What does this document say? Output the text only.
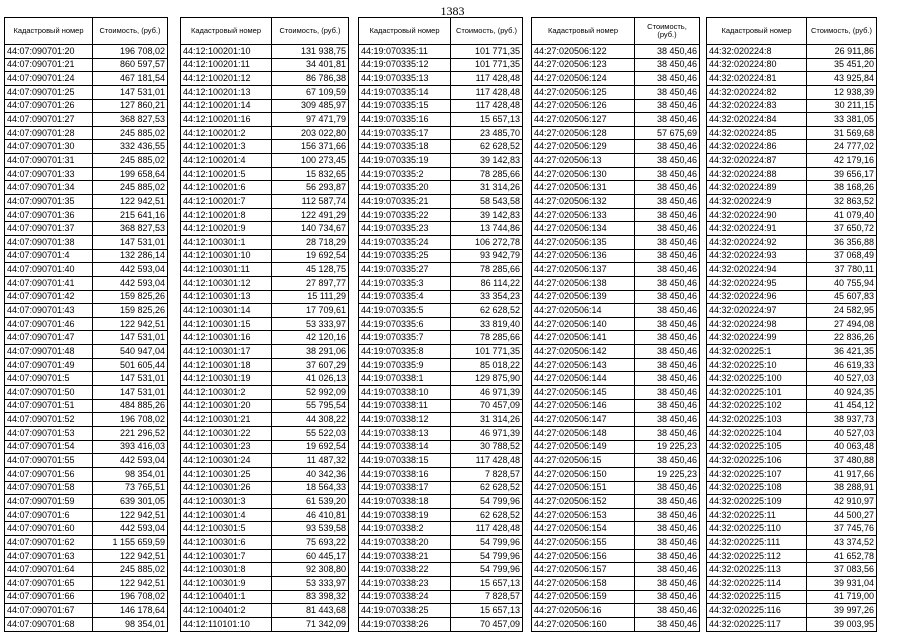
1383
Кадастровый номер	Стоимость, (руб.)
44:07:090701:20	196 708,02
44:07:090701:21	860 597,57
44:07:090701:24	467 181,54
44:07:090701:25	147 531,01
44:07:090701:26	127 860,21
44:07:090701:27	368 827,53
44:07:090701:28	245 885,02
44:07:090701:30	332 436,55
44:07:090701:31	245 885,02
44:07:090701:33	199 658,64
44:07:090701:34	245 885,02
44:07:090701:35	122 942,51
44:07:090701:36	215 641,16
44:07:090701:37	368 827,53
44:07:090701:38	147 531,01
44:07:090701:4	132 286,14
44:07:090701:40	442 593,04
44:07:090701:41	442 593,04
44:07:090701:42	159 825,26
44:07:090701:43	159 825,26
44:07:090701:46	122 942,51
44:07:090701:47	147 531,01
44:07:090701:48	540 947,04
44:07:090701:49	501 605,44
44:07:090701:5	147 531,01
44:07:090701:50	147 531,01
44:07:090701:51	484 885,26
44:07:090701:52	196 708,02
44:07:090701:53	221 296,52
44:07:090701:54	393 416,03
44:07:090701:55	442 593,04
44:07:090701:56	98 354,01
44:07:090701:58	73 765,51
44:07:090701:59	639 301,05
44:07:090701:6	122 942,51
44:07:090701:60	442 593,04
44:07:090701:62	1 155 659,59
44:07:090701:63	122 942,51
44:07:090701:64	245 885,02
44:07:090701:65	122 942,51
44:07:090701:66	196 708,02
44:07:090701:67	146 178,64
44:07:090701:68	98 354,01
Кадастровый номер	Стоимость, (руб.)
44:12:100201:10	131 938,75
44:12:100201:11	34 401,81
44:12:100201:12	86 786,38
44:12:100201:13	67 109,59
44:12:100201:14	309 485,97
44:12:100201:16	97 471,79
44:12:100201:2	203 022,80
44:12:100201:3	156 371,66
44:12:100201:4	100 273,45
44:12:100201:5	15 832,65
44:12:100201:6	56 293,87
44:12:100201:7	112 587,74
44:12:100201:8	122 491,29
44:12:100201:9	140 734,67
44:12:100301:1	28 718,29
44:12:100301:10	19 692,54
44:12:100301:11	45 128,75
44:12:100301:12	27 897,77
44:12:100301:13	15 111,29
44:12:100301:14	17 709,61
44:12:100301:15	53 333,97
44:12:100301:16	42 120,16
44:12:100301:17	38 291,06
44:12:100301:18	37 607,29
44:12:100301:19	41 026,13
44:12:100301:2	52 992,09
44:12:100301:20	55 795,54
44:12:100301:21	44 308,22
44:12:100301:22	55 522,03
44:12:100301:23	19 692,54
44:12:100301:24	11 487,32
44:12:100301:25	40 342,36
44:12:100301:26	18 564,33
44:12:100301:3	61 539,20
44:12:100301:4	46 410,81
44:12:100301:5	93 539,58
44:12:100301:6	75 693,22
44:12:100301:7	60 445,17
44:12:100301:8	92 308,80
44:12:100301:9	53 333,97
44:12:100401:1	83 398,32
44:12:100401:2	81 443,68
44:12:110101:10	71 342,09
Кадастровый номер	Стоимость, (руб.)
44:19:070335:11	101 771,35
44:19:070335:12	101 771,35
44:19:070335:13	117 428,48
44:19:070335:14	117 428,48
44:19:070335:15	117 428,48
44:19:070335:16	15 657,13
44:19:070335:17	23 485,70
44:19:070335:18	62 628,52
44:19:070335:19	39 142,83
44:19:070335:2	78 285,66
44:19:070335:20	31 314,26
44:19:070335:21	58 543,58
44:19:070335:22	39 142,83
44:19:070335:23	13 744,86
44:19:070335:24	106 272,78
44:19:070335:25	93 942,79
44:19:070335:27	78 285,66
44:19:070335:3	86 114,22
44:19:070335:4	33 354,23
44:19:070335:5	62 628,52
44:19:070335:6	33 819,40
44:19:070335:7	78 285,66
44:19:070335:8	101 771,35
44:19:070335:9	85 018,22
44:19:070338:1	129 875,90
44:19:070338:10	46 971,39
44:19:070338:11	70 457,09
44:19:070338:12	31 314,26
44:19:070338:13	46 971,39
44:19:070338:14	30 788,52
44:19:070338:15	117 428,48
44:19:070338:16	7 828,57
44:19:070338:17	62 628,52
44:19:070338:18	54 799,96
44:19:070338:19	62 628,52
44:19:070338:2	117 428,48
44:19:070338:20	54 799,96
44:19:070338:21	54 799,96
44:19:070338:22	54 799,96
44:19:070338:23	15 657,13
44:19:070338:24	7 828,57
44:19:070338:25	15 657,13
44:19:070338:26	70 457,09
Кадастровый номер	Стоимость, (руб.)
44:27:020506:122	38 450,46
44:27:020506:123	38 450,46
44:27:020506:124	38 450,46
44:27:020506:125	38 450,46
44:27:020506:126	38 450,46
44:27:020506:127	38 450,46
44:27:020506:128	57 675,69
44:27:020506:129	38 450,46
44:27:020506:13	38 450,46
44:27:020506:130	38 450,46
44:27:020506:131	38 450,46
44:27:020506:132	38 450,46
44:27:020506:133	38 450,46
44:27:020506:134	38 450,46
44:27:020506:135	38 450,46
44:27:020506:136	38 450,46
44:27:020506:137	38 450,46
44:27:020506:138	38 450,46
44:27:020506:139	38 450,46
44:27:020506:14	38 450,46
44:27:020506:140	38 450,46
44:27:020506:141	38 450,46
44:27:020506:142	38 450,46
44:27:020506:143	38 450,46
44:27:020506:144	38 450,46
44:27:020506:145	38 450,46
44:27:020506:146	38 450,46
44:27:020506:147	38 450,46
44:27:020506:148	38 450,46
44:27:020506:149	19 225,23
44:27:020506:15	38 450,46
44:27:020506:150	19 225,23
44:27:020506:151	38 450,46
44:27:020506:152	38 450,46
44:27:020506:153	38 450,46
44:27:020506:154	38 450,46
44:27:020506:155	38 450,46
44:27:020506:156	38 450,46
44:27:020506:157	38 450,46
44:27:020506:158	38 450,46
44:27:020506:159	38 450,46
44:27:020506:16	38 450,46
44:27:020506:160	38 450,46
Кадастровый номер	Стоимость, (руб.)
44:32:020224:8	26 911,86
44:32:020224:80	35 451,20
44:32:020224:81	43 925,84
44:32:020224:82	12 938,39
44:32:020224:83	30 211,15
44:32:020224:84	33 381,05
44:32:020224:85	31 569,68
44:32:020224:86	24 777,02
44:32:020224:87	42 179,16
44:32:020224:88	39 656,17
44:32:020224:89	38 168,26
44:32:020224:9	32 863,52
44:32:020224:90	41 079,40
44:32:020224:91	37 650,72
44:32:020224:92	36 356,88
44:32:020224:93	37 068,49
44:32:020224:94	37 780,11
44:32:020224:95	40 755,94
44:32:020224:96	45 607,83
44:32:020224:97	24 582,95
44:32:020224:98	27 494,08
44:32:020224:99	22 836,26
44:32:020225:1	36 421,35
44:32:020225:10	46 619,33
44:32:020225:100	40 527,03
44:32:020225:101	40 924,35
44:32:020225:102	41 454,12
44:32:020225:103	38 937,73
44:32:020225:104	40 527,03
44:32:020225:105	40 063,48
44:32:020225:106	37 480,88
44:32:020225:107	41 917,66
44:32:020225:108	38 288,91
44:32:020225:109	42 910,97
44:32:020225:11	44 500,27
44:32:020225:110	37 745,76
44:32:020225:111	43 374,52
44:32:020225:112	41 652,78
44:32:020225:113	37 083,56
44:32:020225:114	39 931,04
44:32:020225:115	41 719,00
44:32:020225:116	39 997,26
44:32:020225:117	39 003,95
